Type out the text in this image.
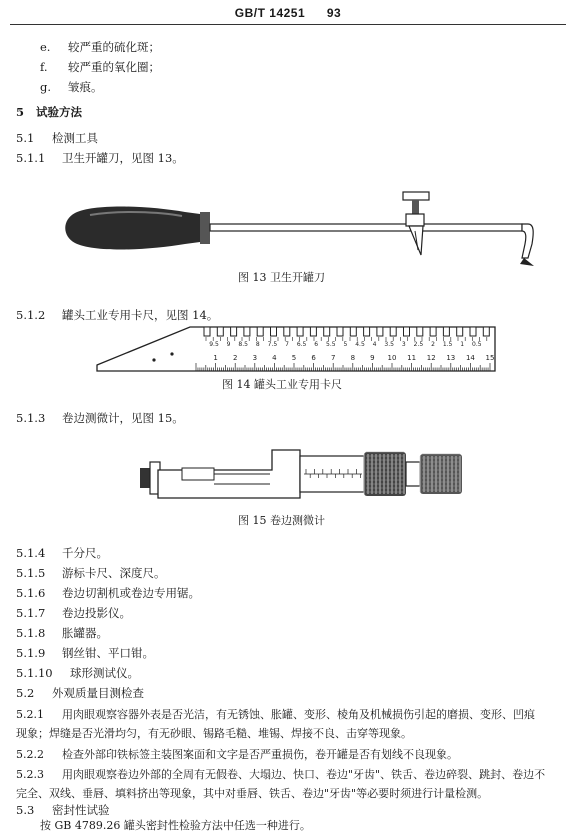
GB/T 14251 93
e. 较严重的硫化斑；
f. 较严重的氧化圈；
g. 皱痕。
5 试验方法
5.1 检测工具
5.1.1 卫生开罐刀，见图 13。
图 13 卫生开罐刀
5.1.2 罐头工业专用卡尺，见图 14。
1 2 3 4 5 6 7 8 9 10 11 12 13 14 15
9.5 9 8.5 8 7.5 7 6.5 6 5.5 5 4.5 4 3.5 3 2.5 2 1.5 1 0.5
图 14 罐头工业专用卡尺
5.1.3 卷边测微计，见图 15。
图 15 卷边测微计
5.1.4 千分尺。
5.1.5 游标卡尺、深度尺。
5.1.6 卷边切割机或卷边专用锯。
5.1.7 卷边投影仪。
5.1.8 胀罐器。
5.1.9 钢丝钳、平口钳。
5.1.10 球形测试仪。
5.2 外观质量目测检查
5.2.1 用肉眼观察容器外表是否光洁，有无锈蚀、胀罐、变形、棱角及机械损伤引起的磨损、变形、凹痕
现象；焊缝是否光滑均匀，有无砂眼、锡路毛糙、堆锡、焊接不良、击穿等现象。
5.2.2 检查外部印铁标签主装图案面和文字是否严重损伤，卷开罐是否有划线不良现象。
5.2.3 用肉眼观察卷边外部的全周有无假卷、大塌边、快口、卷边"牙齿"、铁舌、卷边碎裂、跳封、卷边不
完全、双线、垂唇、填料挤出等现象，其中对垂唇、铁舌、卷边"牙齿"等必要时须进行计量检测。
5.3 密封性试验
按 GB 4789.26 罐头密封性检验方法中任选一种进行。
